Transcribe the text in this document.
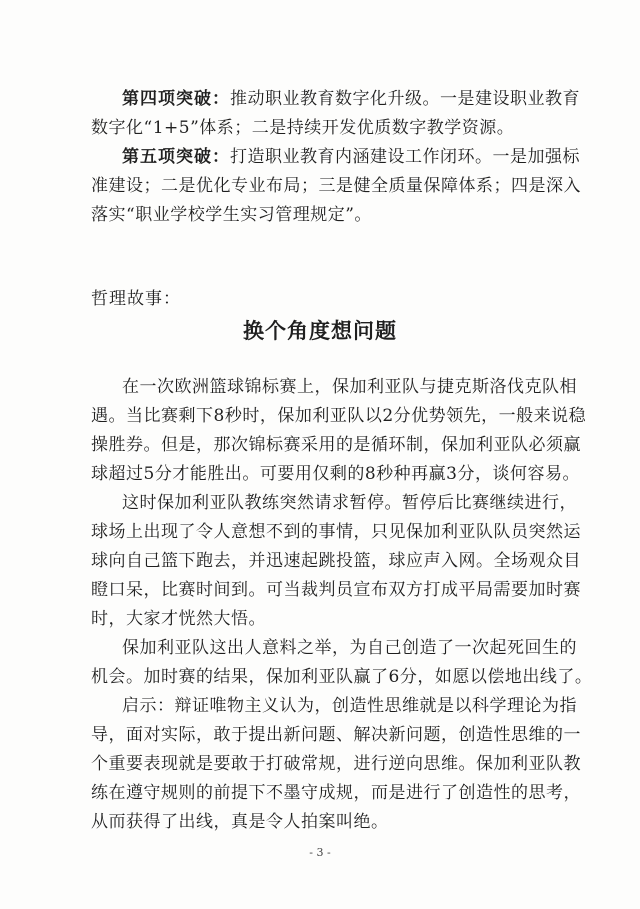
第四项突破：推动职业教育数字化升级。一是建设职业教育
数字化“1+5”体系；二是持续开发优质数字教学资源。
第五项突破：打造职业教育内涵建设工作闭环。一是加强标
准建设；二是优化专业布局；三是健全质量保障体系；四是深入
落实“职业学校学生实习管理规定”。
哲理故事：
换个角度想问题
在一次欧洲篮球锦标赛上，保加利亚队与捷克斯洛伐克队相
遇。当比赛剩下8秒时，保加利亚队以2分优势领先，一般来说稳
操胜券。但是，那次锦标赛采用的是循环制，保加利亚队必须赢
球超过5分才能胜出。可要用仅剩的8秒种再赢3分，谈何容易。
这时保加利亚队教练突然请求暂停。暂停后比赛继续进行，
球场上出现了令人意想不到的事情，只见保加利亚队队员突然运
球向自己篮下跑去，并迅速起跳投篮，球应声入网。全场观众目
瞪口呆，比赛时间到。可当裁判员宣布双方打成平局需要加时赛
时，大家才恍然大悟。
保加利亚队这出人意料之举，为自己创造了一次起死回生的
机会。加时赛的结果，保加利亚队赢了6分，如愿以偿地出线了。
启示：辩证唯物主义认为，创造性思维就是以科学理论为指
导，面对实际，敢于提出新问题、解决新问题，创造性思维的一
个重要表现就是要敢于打破常规，进行逆向思维。保加利亚队教
练在遵守规则的前提下不墨守成规，而是进行了创造性的思考，
从而获得了出线，真是令人拍案叫绝。
- 3 -
